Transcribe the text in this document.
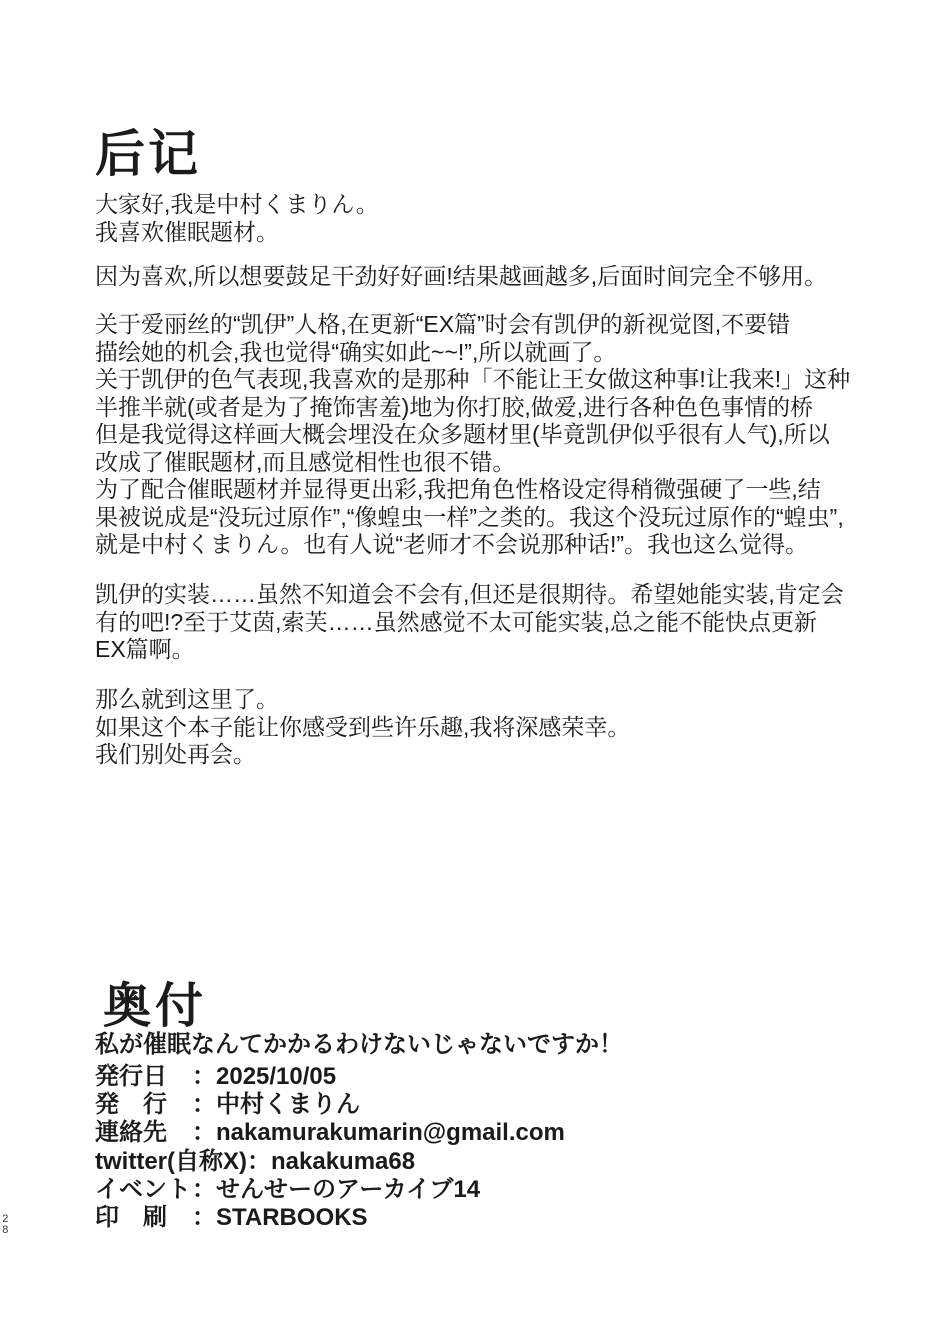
后记
大家好,我是中村くまりん。
我喜欢催眠题材。
因为喜欢,所以想要鼓足干劲好好画!结果越画越多,后面时间完全不够用。
关于爱丽丝的“凯伊”人格,在更新“EX篇”时会有凯伊的新视觉图,不要错
描绘她的机会,我也觉得“确实如此~~!”,所以就画了。
关于凯伊的色气表现,我喜欢的是那种「不能让王女做这种事!让我来!」这种
半推半就(或者是为了掩饰害羞)地为你打胶,做爱,进行各种色色事情的桥
但是我觉得这样画大概会埋没在众多题材里(毕竟凯伊似乎很有人气),所以
改成了催眠题材,而且感觉相性也很不错。
为了配合催眠题材并显得更出彩,我把角色性格设定得稍微强硬了一些,结
果被说成是“没玩过原作”,“像蝗虫一样”之类的。我这个没玩过原作的“蝗虫”,
就是中村くまりん。也有人说“老师才不会说那种话!”。我也这么觉得。
凯伊的实装……虽然不知道会不会有,但还是很期待。希望她能实装,肯定会
有的吧!?至于艾茵,索芙……虽然感觉不太可能实装,总之能不能快点更新
EX篇啊。
那么就到这里了。
如果这个本子能让你感受到些许乐趣,我将深感荣幸。
我们别处再会。
奥付
私が催眠なんてかかるわけないじゃないですか！
発行日 ：2025/10/05
発　行 ：中村くまりん
連絡先 ：nakamurakumarin@gmail.com
twitter(自称X)：nakakuma68
イベント：せんせーのアーカイブ14
印　刷 ：STARBOOKS
28
